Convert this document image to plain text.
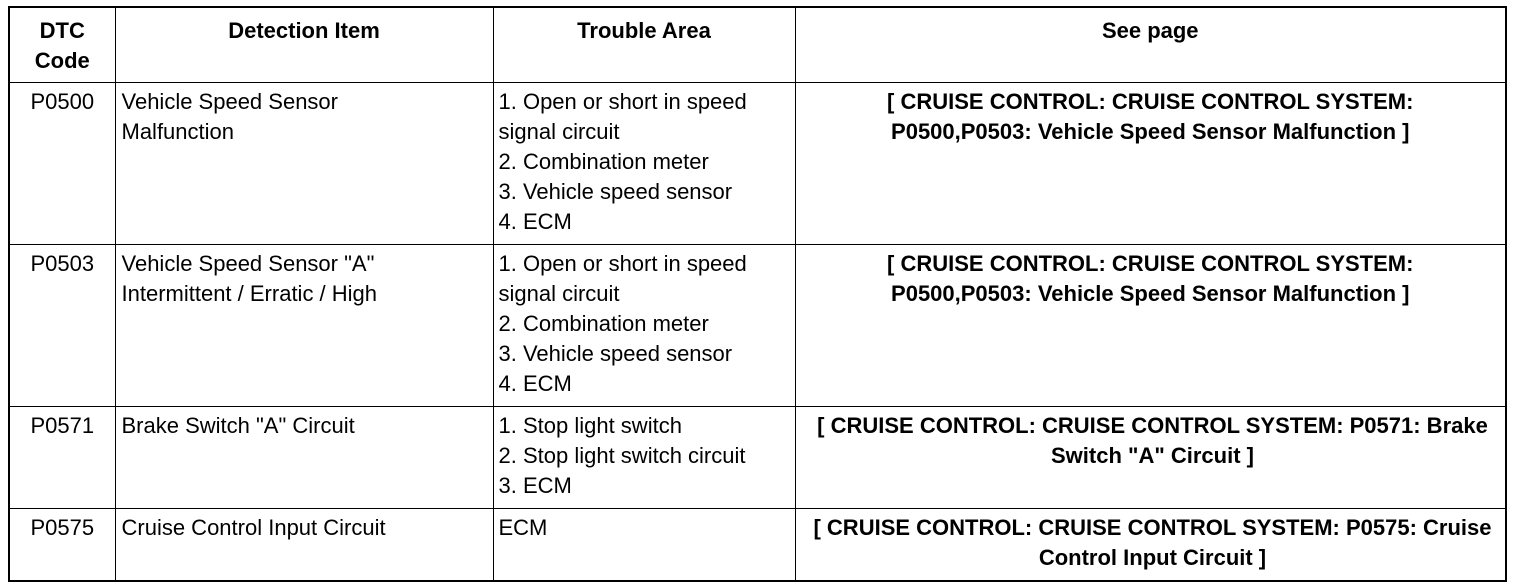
DTC Code	Detection Item	Trouble Area	See page
P0500	Vehicle Speed Sensor Malfunction	1. Open or short in speed signal circuit
2. Combination meter
3. Vehicle speed sensor
4. ECM	[ CRUISE CONTROL: CRUISE CONTROL SYSTEM: P0500,P0503: Vehicle Speed Sensor Malfunction ]

P0503	Vehicle Speed Sensor "A" Intermittent / Erratic / High	1. Open or short in speed signal circuit
2. Combination meter
3. Vehicle speed sensor
4. ECM	[ CRUISE CONTROL: CRUISE CONTROL SYSTEM: P0500,P0503: Vehicle Speed Sensor Malfunction ]

P0571	Brake Switch "A" Circuit	1. Stop light switch
2. Stop light switch circuit
3. ECM	[ CRUISE CONTROL: CRUISE CONTROL SYSTEM: P0571: Brake Switch "A" Circuit ]

P0575	Cruise Control Input Circuit	ECM	[ CRUISE CONTROL: CRUISE CONTROL SYSTEM: P0575: Cruise Control Input Circuit ]
